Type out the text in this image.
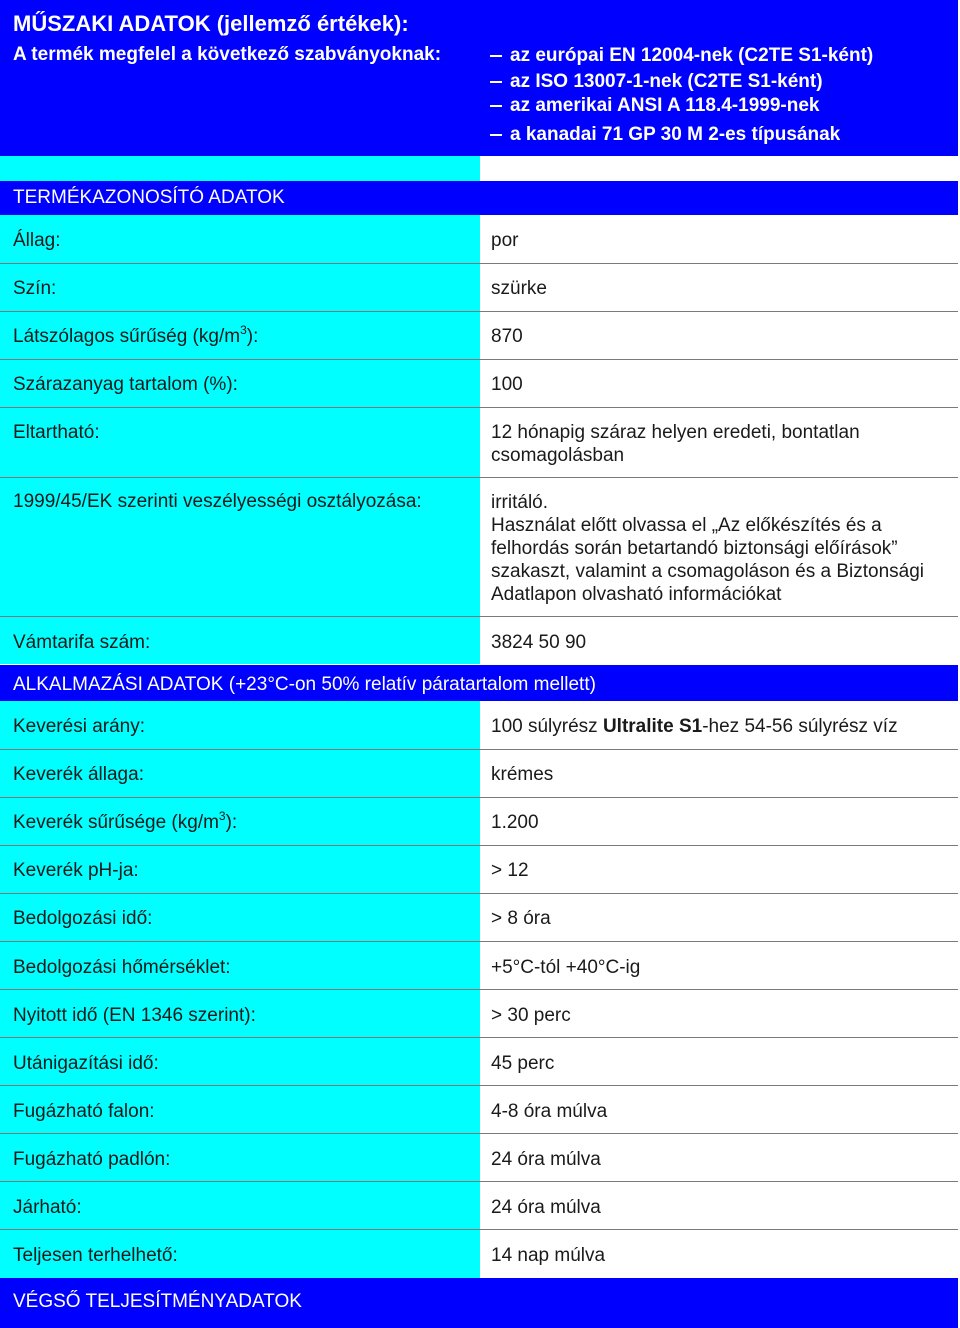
MŰSZAKI ADATOK (jellemző értékek):
A termék megfelel a következő szabványoknak:	az európai EN 12004-nek (C2TE S1-ként)
az ISO 13007-1-nek (C2TE S1-ként)
az amerikai ANSI A 118.4-1999-nek
a kanadai 71 GP 30 M 2-es típusának
TERMÉKAZONOSÍTÓ ADATOK
Állag:	por
Szín:	szürke
Látszólagos sűrűség $(kg/m^3)$:	870
Szárazanyag tartalom (%):	100
Eltartható:	12 hónapig száraz helyen eredeti, bontatlan
csomagolásban
1999/45/EK szerinti veszélyességi osztályozása:	irritáló.
Használat előtt olvassa el „Az előkészítés és a
felhordás során betartandó biztonsági előírások”
szakaszt, valamint a csomagoláson és a Biztonsági
Adatlapon olvasható információkat
Vámtarifa szám:	3824 50 90
ALKALMAZÁSI ADATOK (+23°C-on 50% relatív páratartalom mellett)
Keverési arány:	100 súlyrész Ultralite S1-hez 54-56 súlyrész víz
Keverék állaga:	krémes
Keverék sűrűsége $(kg/m^3)$:	1.200
Keverék pH-ja:	> 12
Bedolgozási idő:	> 8 óra
Bedolgozási hőmérséklet:	+5°C-tól +40°C-ig
Nyitott idő (EN 1346 szerint):	> 30 perc
Utánigazítási idő:	45 perc
Fugázható falon:	4-8 óra múlva
Fugázható padlón:	24 óra múlva
Járható:	24 óra múlva
Teljesen terhelhető:	14 nap múlva
VÉGSŐ TELJESÍTMÉNYADATOK
